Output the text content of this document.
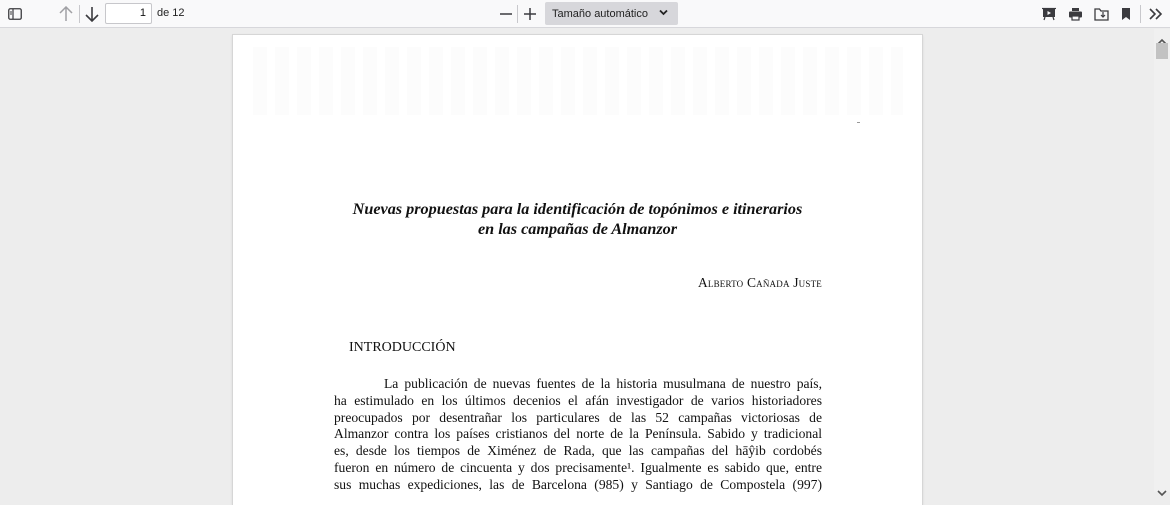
1	de 12	Tamaño automático
Nuevas propuestas para la identificación de topónimos e itinerarios
en las campañas de Almanzor
Alberto Cañada Juste
INTRODUCCIÓN
La publicación de nuevas fuentes de la historia musulmana de nuestro país,
ha estimulado en los últimos decenios el afán investigador de varios historiadores
preocupados por desentrañar los particulares de las 52 campañas victoriosas de
Almanzor contra los países cristianos del norte de la Península. Sabido y tradicional
es, desde los tiempos de Ximénez de Rada, que las campañas del hāŷib cordobés
fueron en número de cincuenta y dos precisamente¹. Igualmente es sabido que, entre
sus muchas expediciones, las de Barcelona (985) y Santiago de Compostela (997)
